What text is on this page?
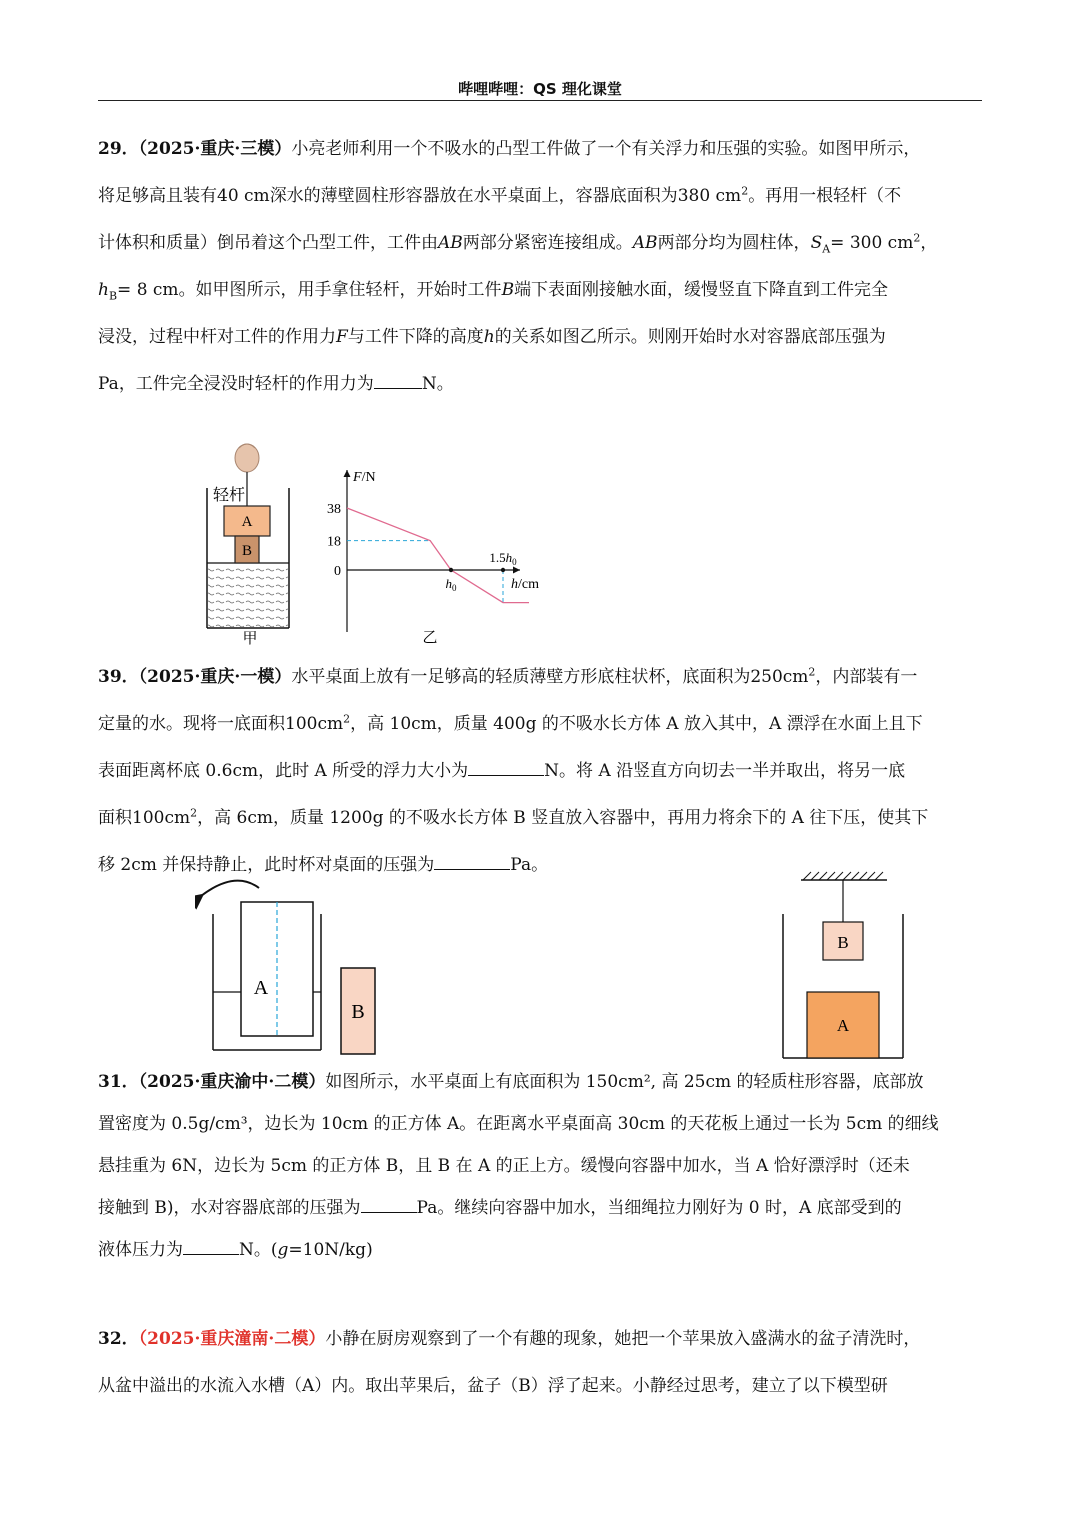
哔哩哔哩：QS 理化课堂
29．（2025·重庆·三模）小亮老师利用一个不吸水的凸型工件做了一个有关浮力和压强的实验。如图甲所示，
将足够高且装有40 cm深水的薄壁圆柱形容器放在水平桌面上，容器底面积为380 $cm^2$。再用一根轻杆（不
计体积和质量）倒吊着这个凸型工件，工件由AB两部分紧密连接组成。AB两部分均为圆柱体，$S_A= 300$ $cm^2$，
$h_B= 8$ cm。如甲图所示，用手拿住轻杆，开始时工件B端下表面刚接触水面，缓慢竖直下降直到工件完全
浸没，过程中杆对工件的作用力F与工件下降的高度h的关系如图乙所示。则刚开始时水对容器底部压强为
Pa，工件完全浸没时轻杆的作用力为	N。
轻杆
A
B
甲
F/N
h/cm
38
18
0
$h_0$
$1.5h_0$
乙
39．（2025·重庆·一模）水平桌面上放有一足够高的轻质薄壁方形底柱状杯，底面积为$250cm^2$，内部装有一
定量的水。现将一底面积$100cm^2$，高 10cm，质量 400g 的不吸水长方体 A 放入其中，A 漂浮在水面上且下
表面距离杯底 0.6cm，此时 A 所受的浮力大小为	N。将 A 沿竖直方向切去一半并取出，将另一底
面积$100cm^2$，高 6cm，质量 1200g 的不吸水长方体 B 竖直放入容器中，再用力将余下的 A 往下压，使其下
移 2cm 并保持静止，此时杯对桌面的压强为	Pa。
A
B
B
A
31．（2025·重庆渝中·二模）如图所示，水平桌面上有底面积为 150cm², 高 25cm 的轻质柱形容器，底部放
置密度为 0.5g/cm³，边长为 10cm 的正方体 A。在距离水平桌面高 30cm 的天花板上通过一长为 5cm 的细线
悬挂重为 6N，边长为 5cm 的正方体 B，且 B 在 A 的正上方。缓慢向容器中加水，当 A 恰好漂浮时（还未
接触到 B)，水对容器底部的压强为	Pa。继续向容器中加水，当细绳拉力刚好为 0 时，A 底部受到的
液体压力为	N。(g=10N/kg)
32．（2025·重庆潼南·二模）小静在厨房观察到了一个有趣的现象，她把一个苹果放入盛满水的盆子清洗时，
从盆中溢出的水流入水槽（A）内。取出苹果后，盆子（B）浮了起来。小静经过思考，建立了以下模型研
